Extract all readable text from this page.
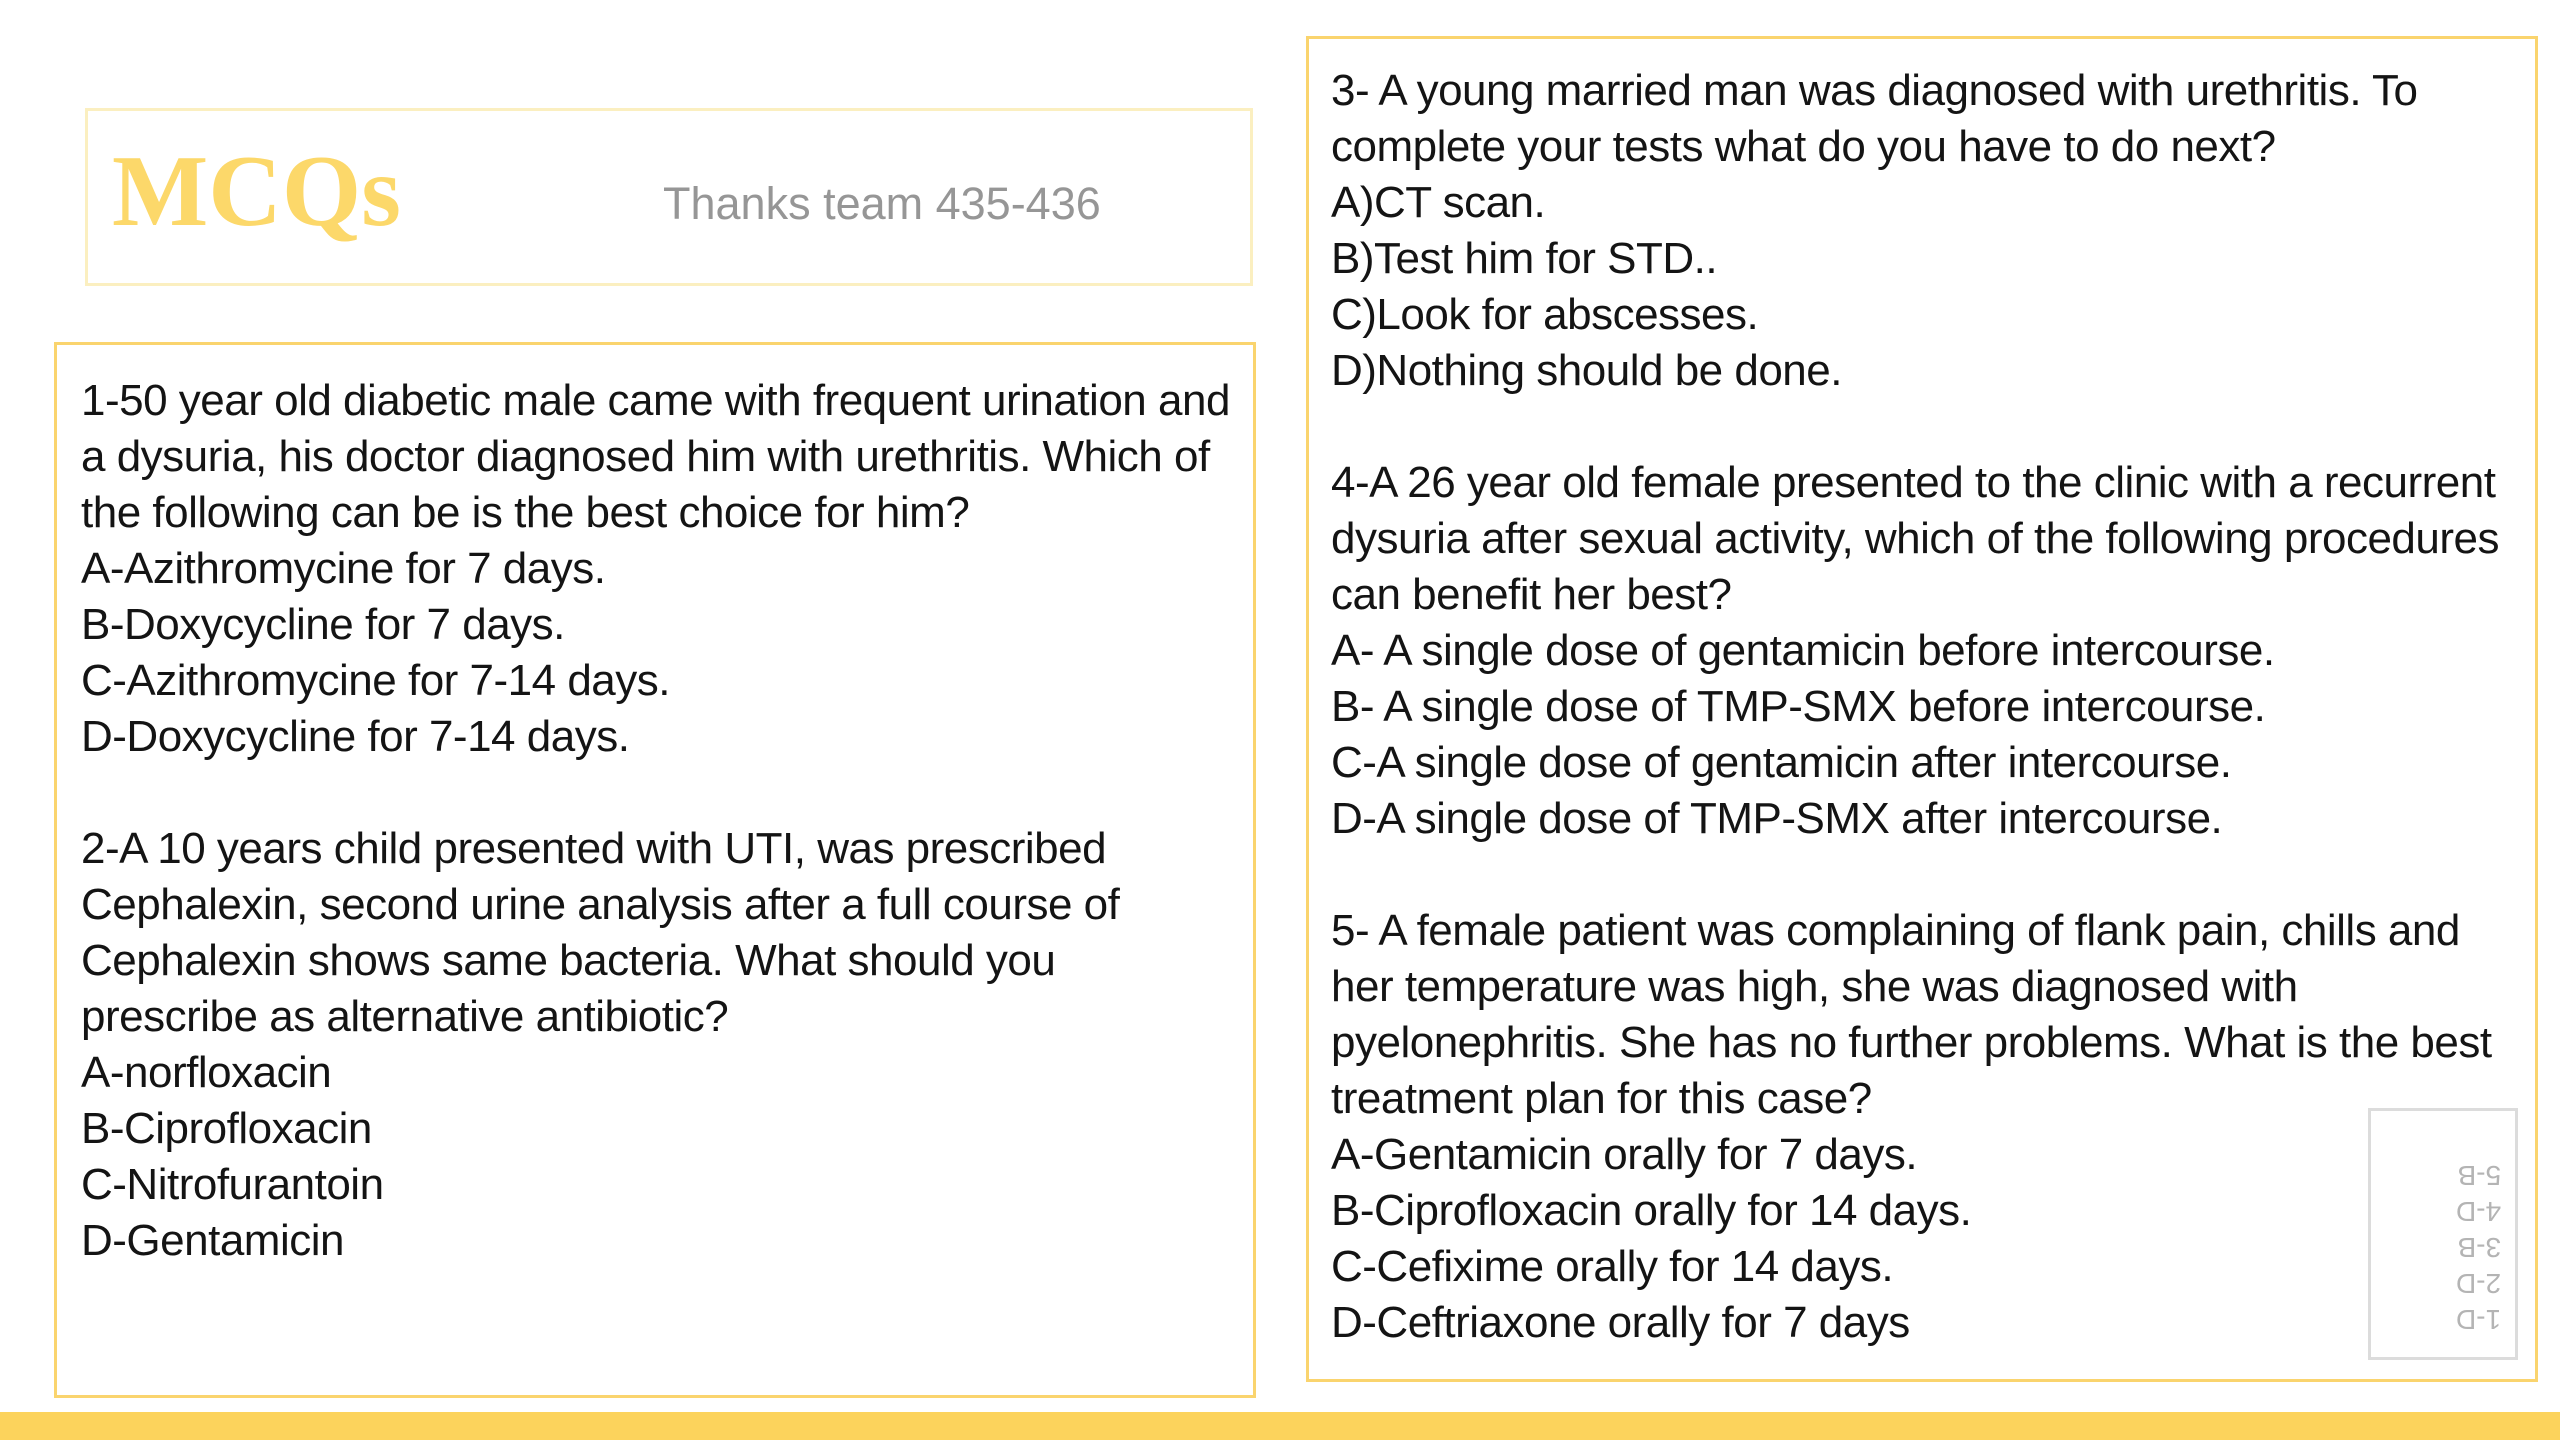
MCQs	Thanks team 435-436

1-50 year old diabetic male came with frequent urination and a dysuria, his doctor diagnosed him with urethritis. Which of the following can be is the best choice for him?

A-Azithromycine for 7 days.
B-Doxycycline for 7 days.
C-Azithromycine for 7-14 days.
D-Doxycycline for 7-14 days.

2-A 10 years child presented with UTI, was prescribed Cephalexin, second urine analysis after a full course of Cephalexin shows same bacteria. What should you prescribe as alternative antibiotic?

A-norfloxacin
B-Ciprofloxacin
C-Nitrofurantoin
D-Gentamicin

3- A young married man was diagnosed with urethritis. To complete your tests what do you have to do next?

A)CT scan.
B)Test him for STD..
C)Look for abscesses.
D)Nothing should be done.

4-A 26 year old female presented to the clinic with a recurrent dysuria after sexual activity, which of the following procedures can benefit her best?

A- A single dose of gentamicin before intercourse.
B- A single dose of TMP-SMX before intercourse.
C-A single dose of gentamicin after intercourse.
D-A single dose of TMP-SMX after intercourse.

5- A female patient was complaining of flank pain, chills and her temperature was high, she was diagnosed with pyelonephritis. She has no further problems. What is the best treatment plan for this case?

A-Gentamicin orally for 7 days.
B-Ciprofloxacin orally for 14 days.
C-Cefixime orally for 14 days.
D-Ceftriaxone orally for 7 days	1-D
2-D
3-B
4-D
5-B
